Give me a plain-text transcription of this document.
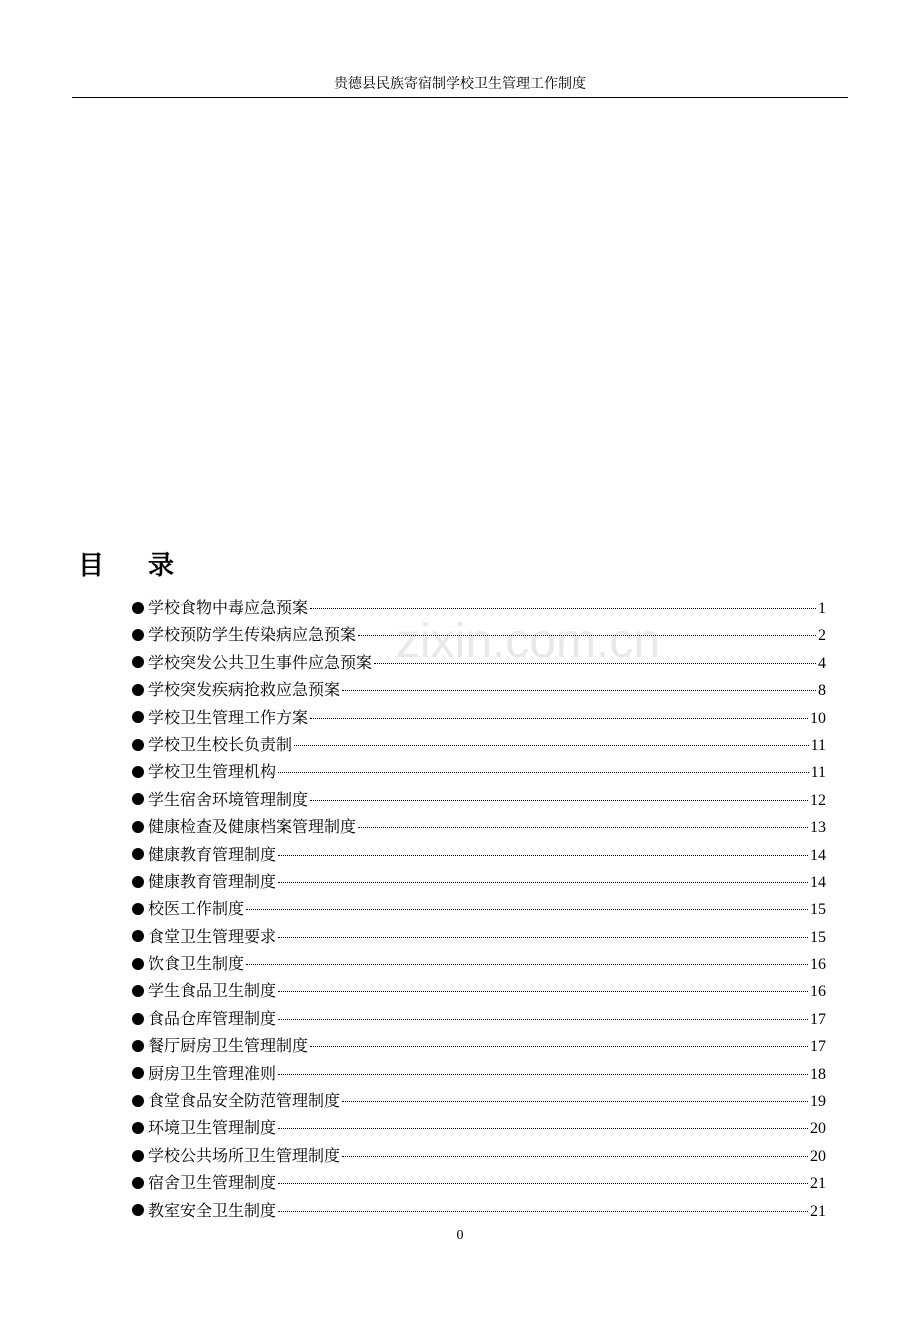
贵德县民族寄宿制学校卫生管理工作制度
zixin.com.cn
目录
学校食物中毒应急预案	1
学校预防学生传染病应急预案	2
学校突发公共卫生事件应急预案	4
学校突发疾病抢救应急预案	8
学校卫生管理工作方案	10
学校卫生校长负责制	11
学校卫生管理机构	11
学生宿舍环境管理制度	12
健康检查及健康档案管理制度	13
健康教育管理制度	14
健康教育管理制度	14
校医工作制度	15
食堂卫生管理要求	15
饮食卫生制度	16
学生食品卫生制度	16
食品仓库管理制度	17
餐厅厨房卫生管理制度	17
厨房卫生管理准则	18
食堂食品安全防范管理制度	19
环境卫生管理制度	20
学校公共场所卫生管理制度	20
宿舍卫生管理制度	21
教室安全卫生制度	21
0
